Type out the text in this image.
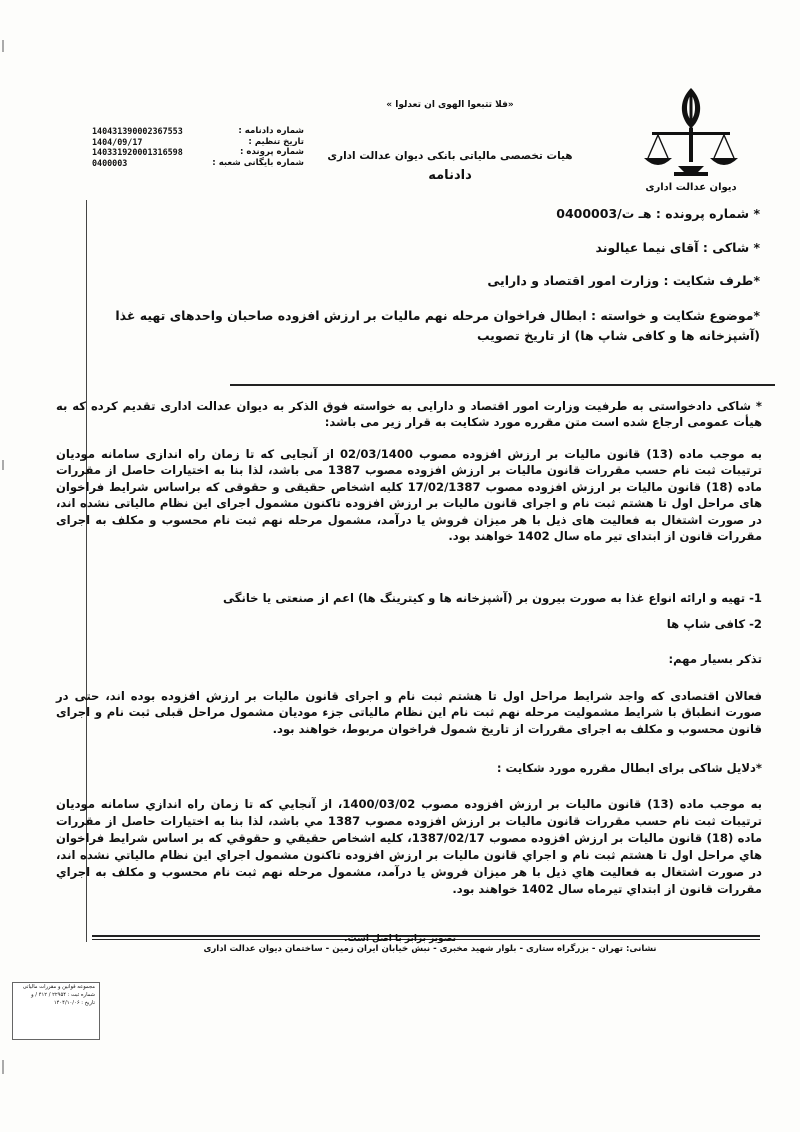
دیوان عدالت اداری
«فلا تتبعوا الهوى ان تعدلوا »
هیات تخصصی مالیاتی بانکی دیوان عدالت اداری
دادنامه
شماره دادنامه :
140431390002367553
تاریخ تنظیم :
1404/09/17
شماره پرونده :
140331920001316598
شماره بایگانی شعبه :
0400003
* شماره پرونده : هـ ت/0400003
* شاکی : آقای نیما عیالوند
*طرف شکایت : وزارت امور اقتصاد و دارایی
*موضوع شکایت و خواسته : ابطال فراخوان مرحله نهم مالیات بر ارزش افزوده صاحبان واحدهای تهیه غذا (آشپزخانه ها و کافی شاپ ها) از تاریخ تصویب
* شاکی دادخواستی به طرفیت وزارت امور اقتصاد و دارایی به خواسته فوق الذکر به دیوان عدالت اداری تقدیم کرده که به هیأت عمومی ارجاع شده است متن مقرره مورد شکایت به قرار زیر می باشد:
به موجب ماده (13) قانون مالیات بر ارزش افزوده مصوب 02/03/1400 از آنجایی که تا زمان راه اندازی سامانه مودیان ترتیبات ثبت نام حسب مقررات قانون مالیات بر ارزش افزوده مصوب 1387 می باشد، لذا بنا به اختیارات حاصل از مقررات ماده (18) قانون مالیات بر ارزش افزوده مصوب 17/02/1387 کلیه اشخاص حقیقی و حقوقی که براساس شرایط فراخوان های مراحل اول تا هشتم ثبت نام و اجرای قانون مالیات بر ارزش افزوده تاکنون مشمول اجرای این نظام مالیاتی نشده اند، در صورت اشتغال به فعالیت های ذیل با هر میزان فروش یا درآمد، مشمول مرحله نهم ثبت نام محسوب و مکلف به اجرای مقررات قانون از ابتدای تیر ماه سال 1402 خواهند بود.
1- تهیه و ارائه انواع غذا به صورت بیرون بر (آشپزخانه ها و کیترینگ ها) اعم از صنعتی یا خانگی
2- کافی شاپ ها
تذکر بسیار مهم:
فعالان اقتصادی که واجد شرایط مراحل اول تا هشتم ثبت نام و اجرای قانون مالیات بر ارزش افزوده بوده اند، حتی در صورت انطباق با شرایط مشمولیت مرحله نهم ثبت نام این نظام مالیاتی جزء مودیان مشمول مراحل قبلی ثبت نام و اجرای قانون محسوب و مکلف به اجرای مقررات از تاریخ شمول فراخوان مربوط، خواهند بود.
*دلایل شاکی برای ابطال مقرره مورد شکایت :
به موجب ماده (13) قانون ماليات بر ارزش افزوده مصوب 1400/03/02، از آنجايي كه تا زمان راه اندازي سامانه موديان ترتيبات ثبت نام حسب مقررات قانون ماليات بر ارزش افزوده مصوب 1387 مي باشد، لذا بنا به اختيارات حاصل از مقررات ماده (18) قانون ماليات بر ارزش افزوده مصوب 1387/02/17، كليه اشخاص حقيقي و حقوقي كه بر اساس شرايط فراخوان هاي مراحل اول تا هشتم ثبت نام و اجراي قانون ماليات بر ارزش افزوده تاكنون مشمول اجراي اين نظام مالياتي نشده اند، در صورت اشتغال به فعاليت هاي ذيل با هر ميزان فروش يا درآمد، مشمول مرحله نهم ثبت نام محسوب و مكلف به اجراي مقررات قانون از ابتداي تيرماه سال 1402 خواهند بود.
تصویر برابر با اصل است.
نشانی: تهران - بزرگراه ستاری - بلوار شهید مخبری - نبش خیابان ایران زمین - ساختمان دیوان عدالت اداری
مجموعه قوانین و مقررات مالیاتی
شماره ثبت : ۲۲۹۵۴ / ۴۱۲ / و
تاریخ : ۱۴۰۴/۱۰/۰۶
